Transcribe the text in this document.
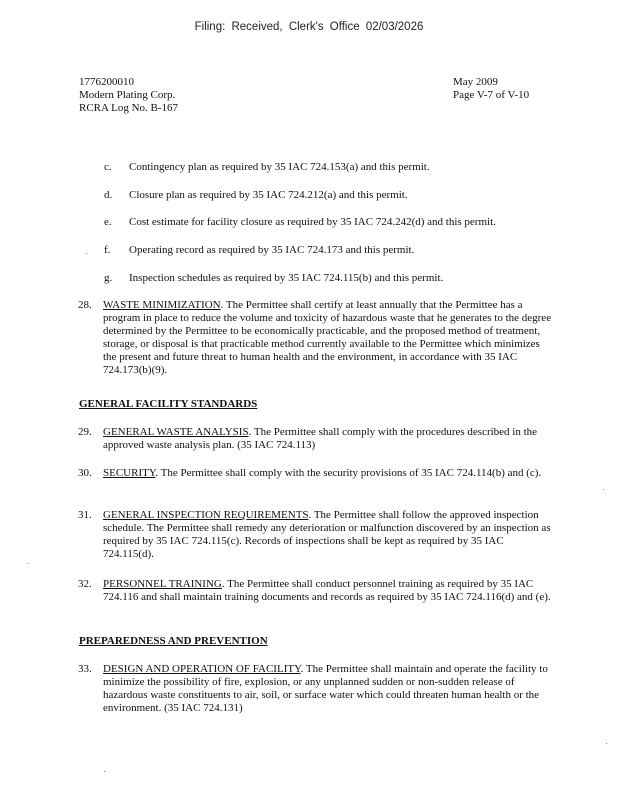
Filing: Received, Clerk's Office 02/03/2026
1776200010
Modern Plating Corp.
RCRA Log No. B-167
May 2009
Page V-7 of V-10
c. Contingency plan as required by 35 IAC 724.153(a) and this permit.
d. Closure plan as required by 35 IAC 724.212(a) and this permit.
e. Cost estimate for facility closure as required by 35 IAC 724.242(d) and this permit.
f. Operating record as required by 35 IAC 724.173 and this permit.
g. Inspection schedules as required by 35 IAC 724.115(b) and this permit.
28. WASTE MINIMIZATION. The Permittee shall certify at least annually that the Permittee has a program in place to reduce the volume and toxicity of hazardous waste that he generates to the degree determined by the Permittee to be economically practicable, and the proposed method of treatment, storage, or disposal is that practicable method currently available to the Permittee which minimizes the present and future threat to human health and the environment, in accordance with 35 IAC 724.173(b)(9).
GENERAL FACILITY STANDARDS
29. GENERAL WASTE ANALYSIS. The Permittee shall comply with the procedures described in the approved waste analysis plan. (35 IAC 724.113)
30. SECURITY. The Permittee shall comply with the security provisions of 35 IAC 724.114(b) and (c).
31. GENERAL INSPECTION REQUIREMENTS. The Permittee shall follow the approved inspection schedule. The Permittee shall remedy any deterioration or malfunction discovered by an inspection as required by 35 IAC 724.115(c). Records of inspections shall be kept as required by 35 IAC 724.115(d).
32. PERSONNEL TRAINING. The Permittee shall conduct personnel training as required by 35 IAC 724.116 and shall maintain training documents and records as required by 35 IAC 724.116(d) and (e).
PREPAREDNESS AND PREVENTION
33. DESIGN AND OPERATION OF FACILITY. The Permittee shall maintain and operate the facility to minimize the possibility of fire, explosion, or any unplanned sudden or non-sudden release of hazardous waste constituents to air, soil, or surface water which could threaten human health or the environment. (35 IAC 724.131)
